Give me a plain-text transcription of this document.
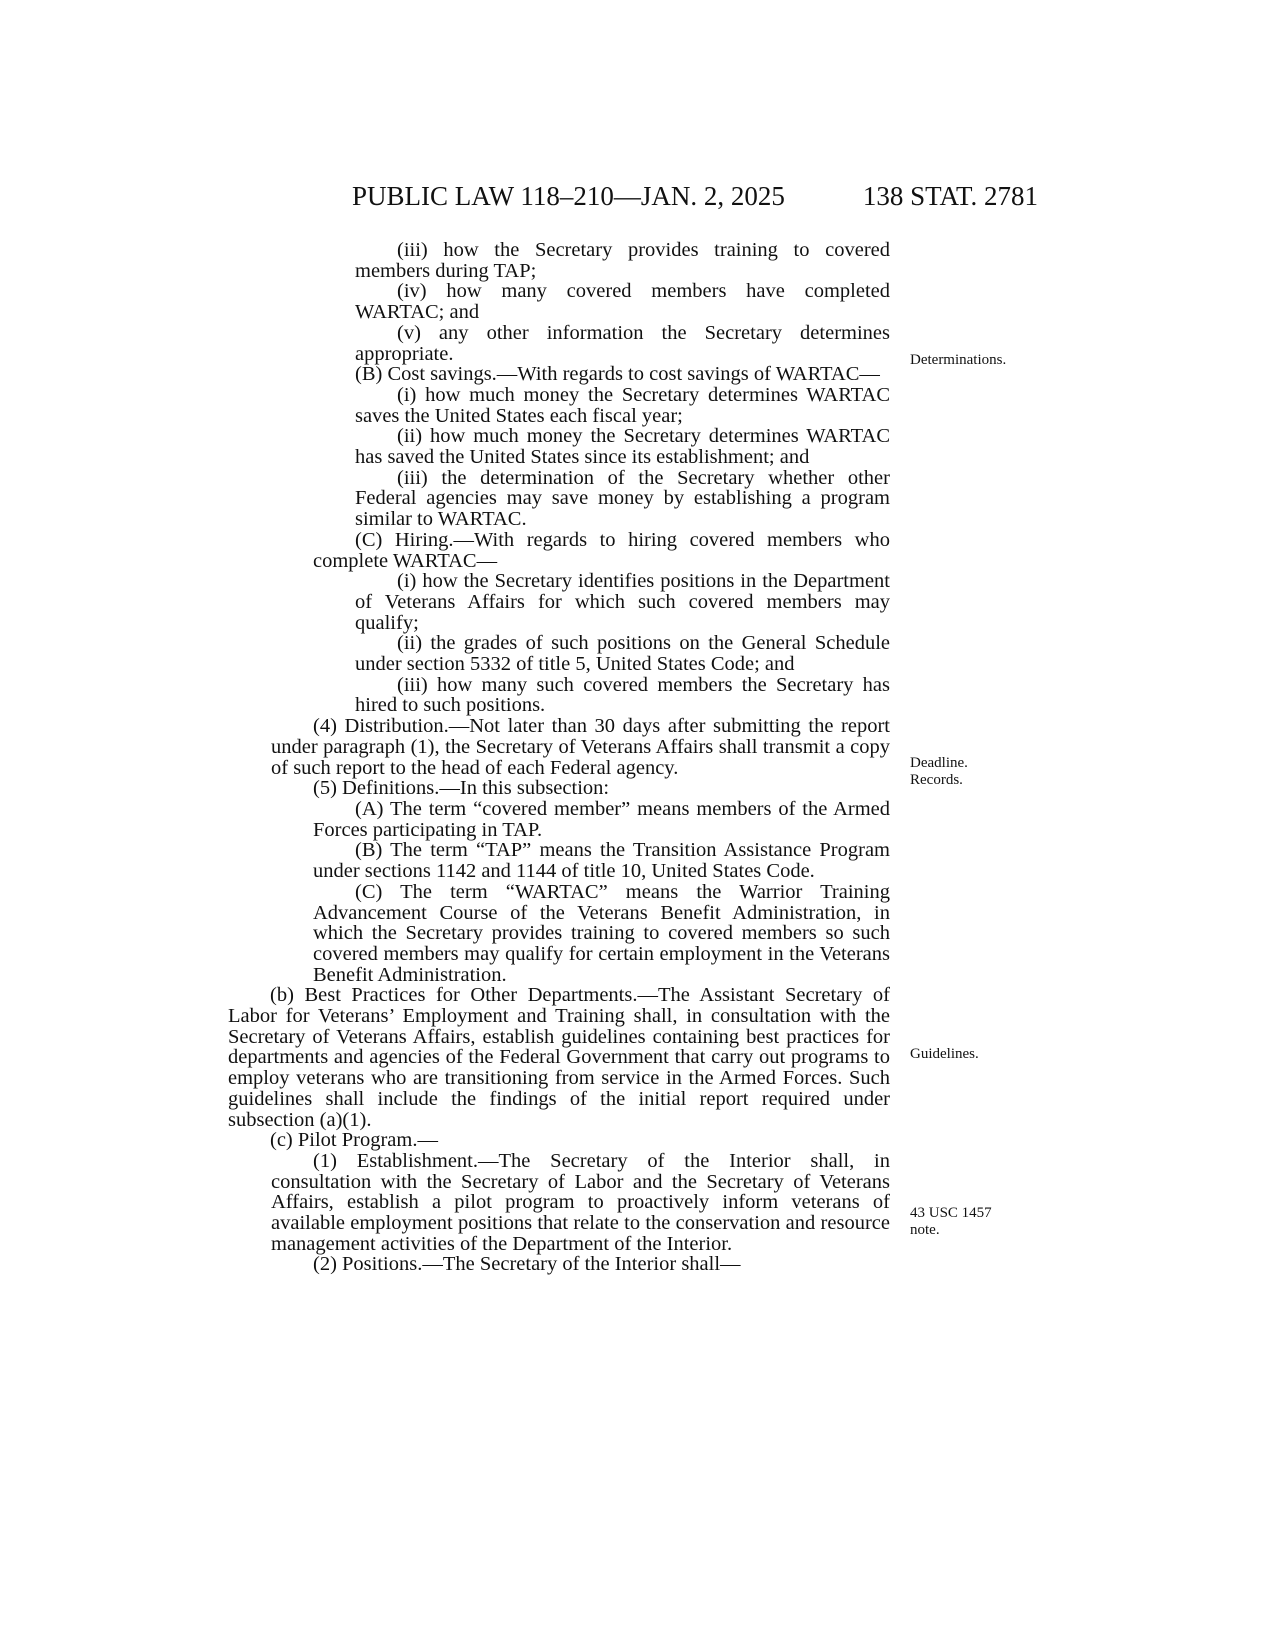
PUBLIC LAW 118–210—JAN. 2, 2025	138 STAT. 2781

(iii) how the Secretary provides training to covered members during TAP;

(iv) how many covered members have completed WARTAC; and

(v) any other information the Secretary determines appropriate.

(B) Cost savings.—With regards to cost savings of WARTAC—

(i) how much money the Secretary determines WARTAC saves the United States each fiscal year;

(ii) how much money the Secretary determines WARTAC has saved the United States since its establishment; and

(iii) the determination of the Secretary whether other Federal agencies may save money by establishing a program similar to WARTAC.

(C) Hiring.—With regards to hiring covered members who complete WARTAC—

(i) how the Secretary identifies positions in the Department of Veterans Affairs for which such covered members may qualify;

(ii) the grades of such positions on the General Schedule under section 5332 of title 5, United States Code; and

(iii) how many such covered members the Secretary has hired to such positions.

(4) Distribution.—Not later than 30 days after submitting the report under paragraph (1), the Secretary of Veterans Affairs shall transmit a copy of such report to the head of each Federal agency.

(5) Definitions.—In this subsection:

(A) The term “covered member” means members of the Armed Forces participating in TAP.

(B) The term “TAP” means the Transition Assistance Program under sections 1142 and 1144 of title 10, United States Code.

(C) The term “WARTAC” means the Warrior Training Advancement Course of the Veterans Benefit Administration, in which the Secretary provides training to covered members so such covered members may qualify for certain employment in the Veterans Benefit Administration.

(b) Best Practices for Other Departments.—The Assistant Secretary of Labor for Veterans’ Employment and Training shall, in consultation with the Secretary of Veterans Affairs, establish guidelines containing best practices for departments and agencies of the Federal Government that carry out programs to employ veterans who are transitioning from service in the Armed Forces. Such guidelines shall include the findings of the initial report required under subsection (a)(1).

(c) Pilot Program.—

(1) Establishment.—The Secretary of the Interior shall, in consultation with the Secretary of Labor and the Secretary of Veterans Affairs, establish a pilot program to proactively inform veterans of available employment positions that relate to the conservation and resource management activities of the Department of the Interior.

(2) Positions.—The Secretary of the Interior shall—

Determinations.
Deadline.
Records.
Guidelines.
43 USC 1457
note.
